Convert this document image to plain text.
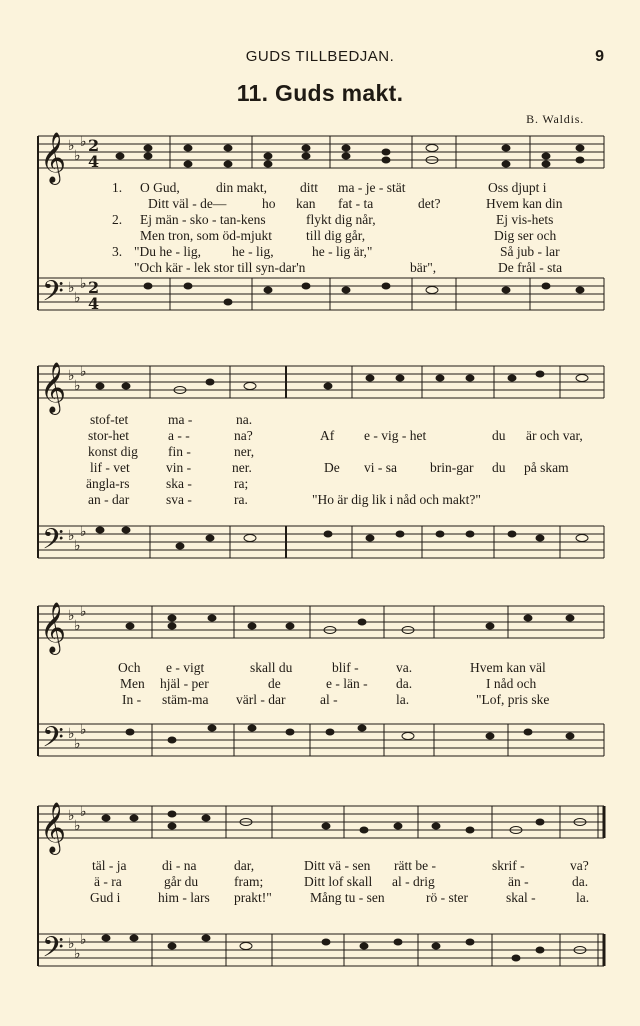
GUDS TILLBEDJAN.	9
11. Guds makt.
B. Waldis.
𝄞
𝄢
♭
♭
♭
♭
♭
♭
2
4
2
4
1. O Gud,	din makt, ditt ma - je - stät	Oss djupt i
Ditt väl - de—	ho kan fat - ta	det?	Hvem kan din
2. Ej män - sko - tan-kens	flykt dig når,	Ej vis-hets
Men tron, som öd-mjukt	till dig går,	Dig ser och
3. "Du he - lig, he - lig,	he - lig är,"	Så jub - lar
"Och kär - lek stor till syn-dar'n	bär",	De frål - sta
𝄞
𝄢
♭
♭
♭
♭
♭
♭
stof-tet	ma -	na.
stor-het	a - -	na?	Af e - vig - het	du är och var,
konst dig fin -	ner,
lif - vet	vin -	ner.	De vi - sa brin-gar du på skam
ängla-rs	ska -	ra;
an - dar	sva -	ra.	"Ho är dig lik i nåd och makt?"
𝄞
𝄢
♭
♭
♭
♭
♭
♭
Och e - vigt	skall du	blif -	va.	Hvem kan väl
Men hjäl - per	de	e - län - da.	I nåd och
In - stäm-ma värl - dar	al -	la.	"Lof, pris ske
𝄞
𝄢
♭
♭
♭
♭
♭
♭
täl - ja	di - na	dar,	Ditt vä - sen rätt be -	skrif -	va?
ä - ra	går du	fram;	Ditt lof skall al - drig	än -	da.
Gud i	him - lars prakt!"	Mång tu - sen	rö - ster	skal -	la.
